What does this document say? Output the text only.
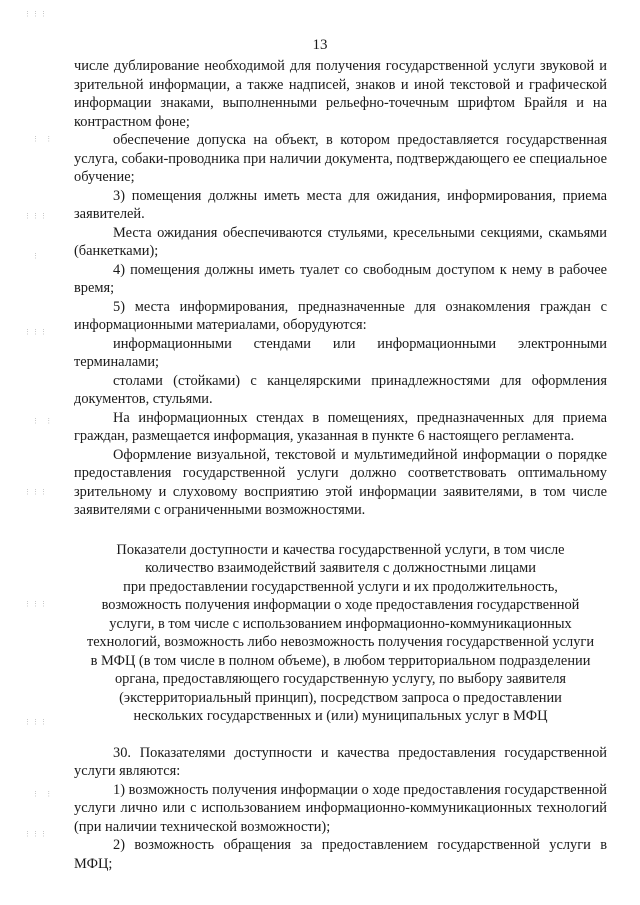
13
⋮⋮⋮
⋮ ⋮
⋮⋮⋮
⋮
⋮⋮⋮
⋮ ⋮
⋮⋮⋮
⋮⋮⋮
⋮⋮⋮
⋮ ⋮
⋮⋮⋮

числе дублирование необходимой для получения государственной услуги звуковой и зрительной информации, а также надписей, знаков и иной текстовой и графической информации знаками, выполненными рельефно-точечным шрифтом Брайля и на контрастном фоне;

обеспечение допуска на объект, в котором предоставляется государственная услуга, собаки-проводника при наличии документа, подтверждающего ее специальное обучение;

3) помещения должны иметь места для ожидания, информирования, приема заявителей.

Места ожидания обеспечиваются стульями, кресельными секциями, скамьями (банкетками);

4) помещения должны иметь туалет со свободным доступом к нему в рабочее время;

5) места информирования, предназначенные для ознакомления граждан с информационными материалами, оборудуются:

информационными стендами или информационными электронными терминалами;

столами (стойками) с канцелярскими принадлежностями для оформления документов, стульями.

На информационных стендах в помещениях, предназначенных для приема граждан, размещается информация, указанная в пункте 6 настоящего регламента.

Оформление визуальной, текстовой и мультимедийной информации о порядке предоставления государственной услуги должно соответствовать оптимальному зрительному и слуховому восприятию этой информации заявителями, в том числе заявителями с ограниченными возможностями.

Показатели доступности и качества государственной услуги, в том числе
количество взаимодействий заявителя с должностными лицами
при предоставлении государственной услуги и их продолжительность,
возможность получения информации о ходе предоставления государственной
услуги, в том числе с использованием информационно-коммуникационных
технологий, возможность либо невозможность получения государственной услуги
в МФЦ (в том числе в полном объеме), в любом территориальном подразделении
органа, предоставляющего государственную услугу, по выбору заявителя
(экстерриториальный принцип), посредством запроса о предоставлении
нескольких государственных и (или) муниципальных услуг в МФЦ

30. Показателями доступности и качества предоставления государственной услуги являются:

1) возможность получения информации о ходе предоставления государственной услуги лично или с использованием информационно-коммуникационных технологий (при наличии технической возможности);

2) возможность обращения за предоставлением государственной услуги в МФЦ;
